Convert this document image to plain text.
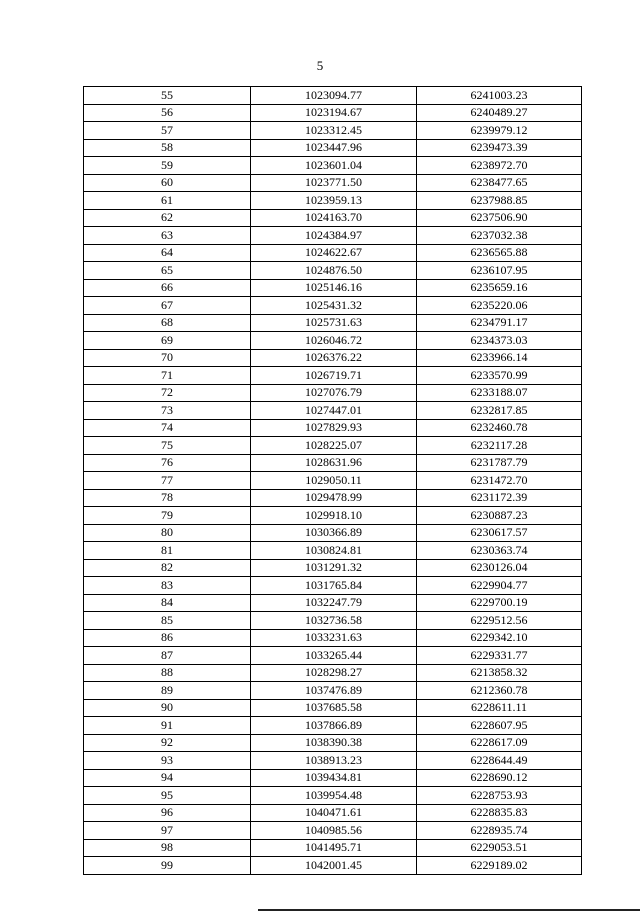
5
55	1023094.77	6241003.23
56	1023194.67	6240489.27
57	1023312.45	6239979.12
58	1023447.96	6239473.39
59	1023601.04	6238972.70
60	1023771.50	6238477.65
61	1023959.13	6237988.85
62	1024163.70	6237506.90
63	1024384.97	6237032.38
64	1024622.67	6236565.88
65	1024876.50	6236107.95
66	1025146.16	6235659.16
67	1025431.32	6235220.06
68	1025731.63	6234791.17
69	1026046.72	6234373.03
70	1026376.22	6233966.14
71	1026719.71	6233570.99
72	1027076.79	6233188.07
73	1027447.01	6232817.85
74	1027829.93	6232460.78
75	1028225.07	6232117.28
76	1028631.96	6231787.79
77	1029050.11	6231472.70
78	1029478.99	6231172.39
79	1029918.10	6230887.23
80	1030366.89	6230617.57
81	1030824.81	6230363.74
82	1031291.32	6230126.04
83	1031765.84	6229904.77
84	1032247.79	6229700.19
85	1032736.58	6229512.56
86	1033231.63	6229342.10
87	1033265.44	6229331.77
88	1028298.27	6213858.32
89	1037476.89	6212360.78
90	1037685.58	6228611.11
91	1037866.89	6228607.95
92	1038390.38	6228617.09
93	1038913.23	6228644.49
94	1039434.81	6228690.12
95	1039954.48	6228753.93
96	1040471.61	6228835.83
97	1040985.56	6228935.74
98	1041495.71	6229053.51
99	1042001.45	6229189.02
